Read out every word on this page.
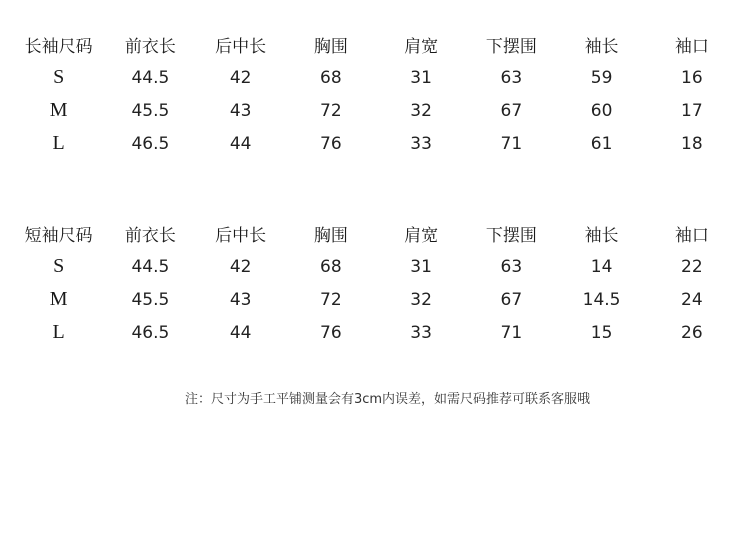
长袖尺码	前衣长	后中长	胸围	肩宽	下摆围	袖长	袖口
S	44.5	42	68	31	63	59	16
M	45.5	43	72	32	67	60	17
L	46.5	44	76	33	71	61	18
短袖尺码	前衣长	后中长	胸围	肩宽	下摆围	袖长	袖口
S	44.5	42	68	31	63	14	22
M	45.5	43	72	32	67	14.5	24
L	46.5	44	76	33	71	15	26
注：尺寸为手工平铺测量会有3cm内误差，如需尺码推荐可联系客服哦
